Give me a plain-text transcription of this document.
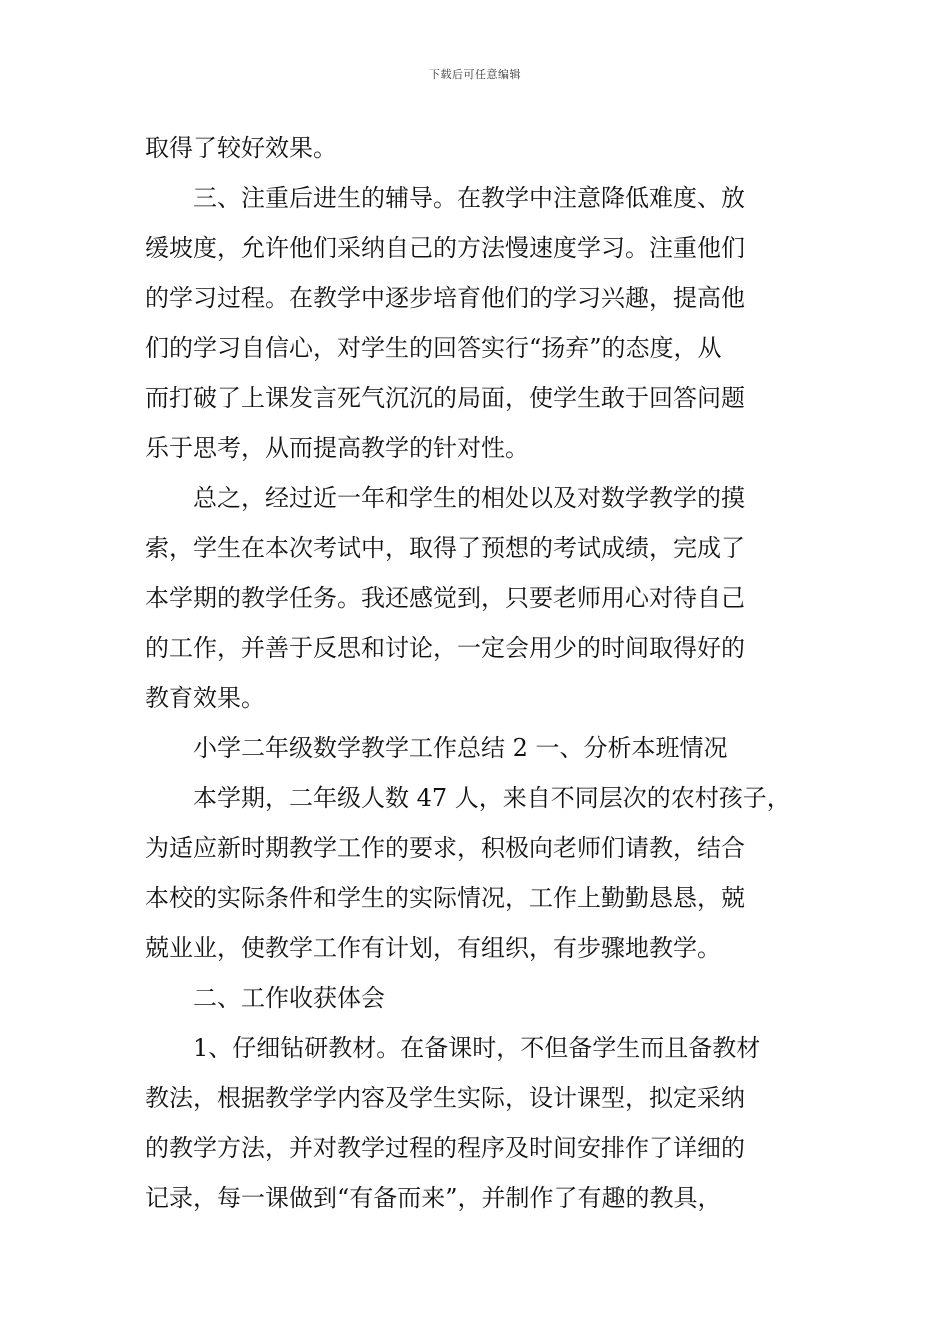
下载后可任意编辑
取得了较好效果。
　　三、注重后进生的辅导。在教学中注意降低难度、放
缓坡度，允许他们采纳自己的方法慢速度学习。注重他们
的学习过程。在教学中逐步培育他们的学习兴趣，提高他
们的学习自信心，对学生的回答实行“扬弃”的态度，从
而打破了上课发言死气沉沉的局面，使学生敢于回答问题
乐于思考，从而提高教学的针对性。
　　总之，经过近一年和学生的相处以及对数学教学的摸
索，学生在本次考试中，取得了预想的考试成绩，完成了
本学期的教学任务。我还感觉到，只要老师用心对待自己
的工作，并善于反思和讨论，一定会用少的时间取得好的
教育效果。
　　小学二年级数学教学工作总结 2 一、分析本班情况
　　本学期，二年级人数 47 人，来自不同层次的农村孩子，
为适应新时期教学工作的要求，积极向老师们请教，结合
本校的实际条件和学生的实际情况，工作上勤勤恳恳，兢
兢业业，使教学工作有计划，有组织，有步骤地教学。
　　二、工作收获体会
　　1、仔细钻研教材。在备课时，不但备学生而且备教材
教法，根据教学学内容及学生实际，设计课型，拟定采纳
的教学方法，并对教学过程的程序及时间安排作了详细的
记录，每一课做到“有备而来”，并制作了有趣的教具，
